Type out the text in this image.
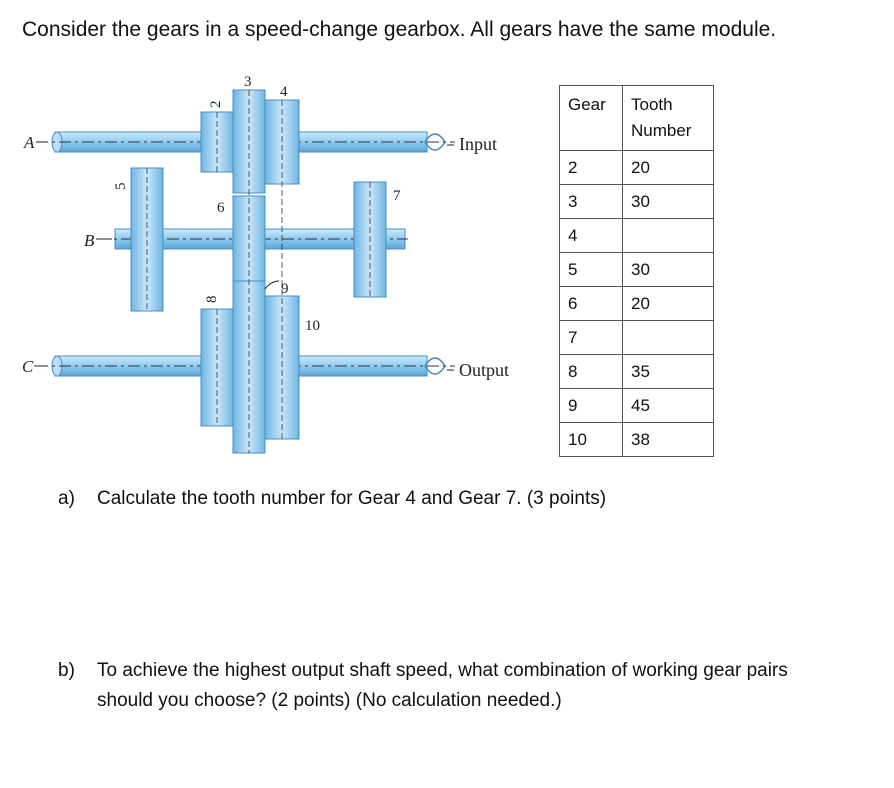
Consider the gears in a speed-change gearbox. All gears have the same module.
A
B
C
2
3
4
5
6
7
8
9
10
Input
Output
Gear	Tooth
Number
2	20
3	30
4	
5	30
6	20
7	
8	35
9	45
10	38
a) Calculate the tooth number for Gear 4 and Gear 7. (3 points)
b) To achieve the highest output shaft speed, what combination of working gear pairs
should you choose? (2 points) (No calculation needed.)
